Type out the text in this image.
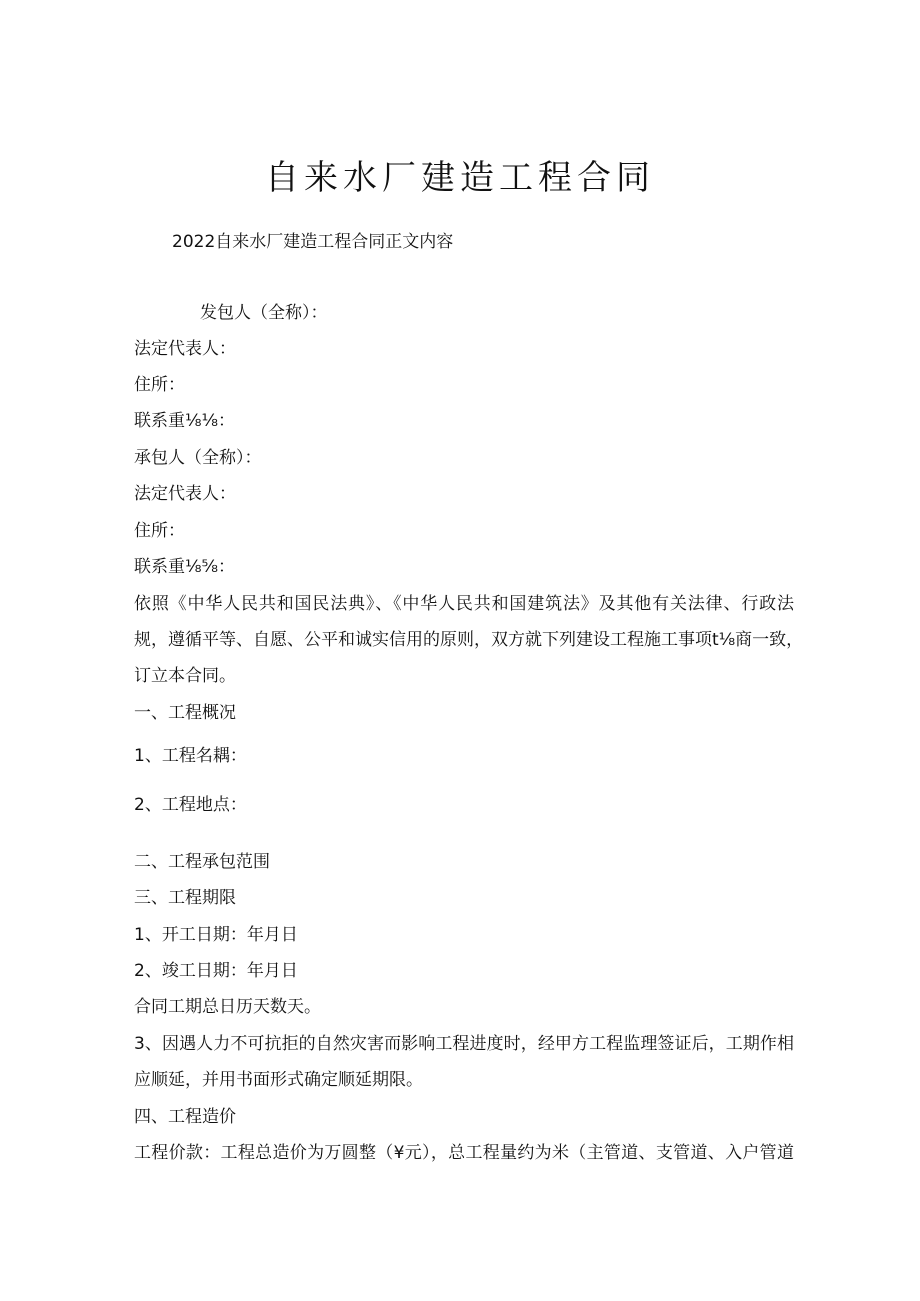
自来水厂建造工程合同

2022自来水厂建造工程合同正文内容

发包人（全称）：

法定代表人：

住所：

联系重⅛⅛：

承包人（全称）：

法定代表人：

住所：

联系重⅛⅝：

依照《中华人民共和国民法典》、《中华人民共和国建筑法》及其他有关法律、行政法

规，遵循平等、自愿、公平和诚实信用的原则，双方就下列建设工程施工事项t⅛商一致，

订立本合同。

一、工程概况

1、工程名耦：

2、工程地点：

二、工程承包范围

三、工程期限

1、开工日期：年月日

2、竣工日期：年月日

合同工期总日历天数天。

3、因遇人力不可抗拒的自然灾害而影响工程进度时，经甲方工程监理签证后，工期作相

应顺延，并用书面形式确定顺延期限。

四、工程造价

工程价款：工程总造价为万圆整（¥元），总工程量约为米（主管道、支管道、入户管道
